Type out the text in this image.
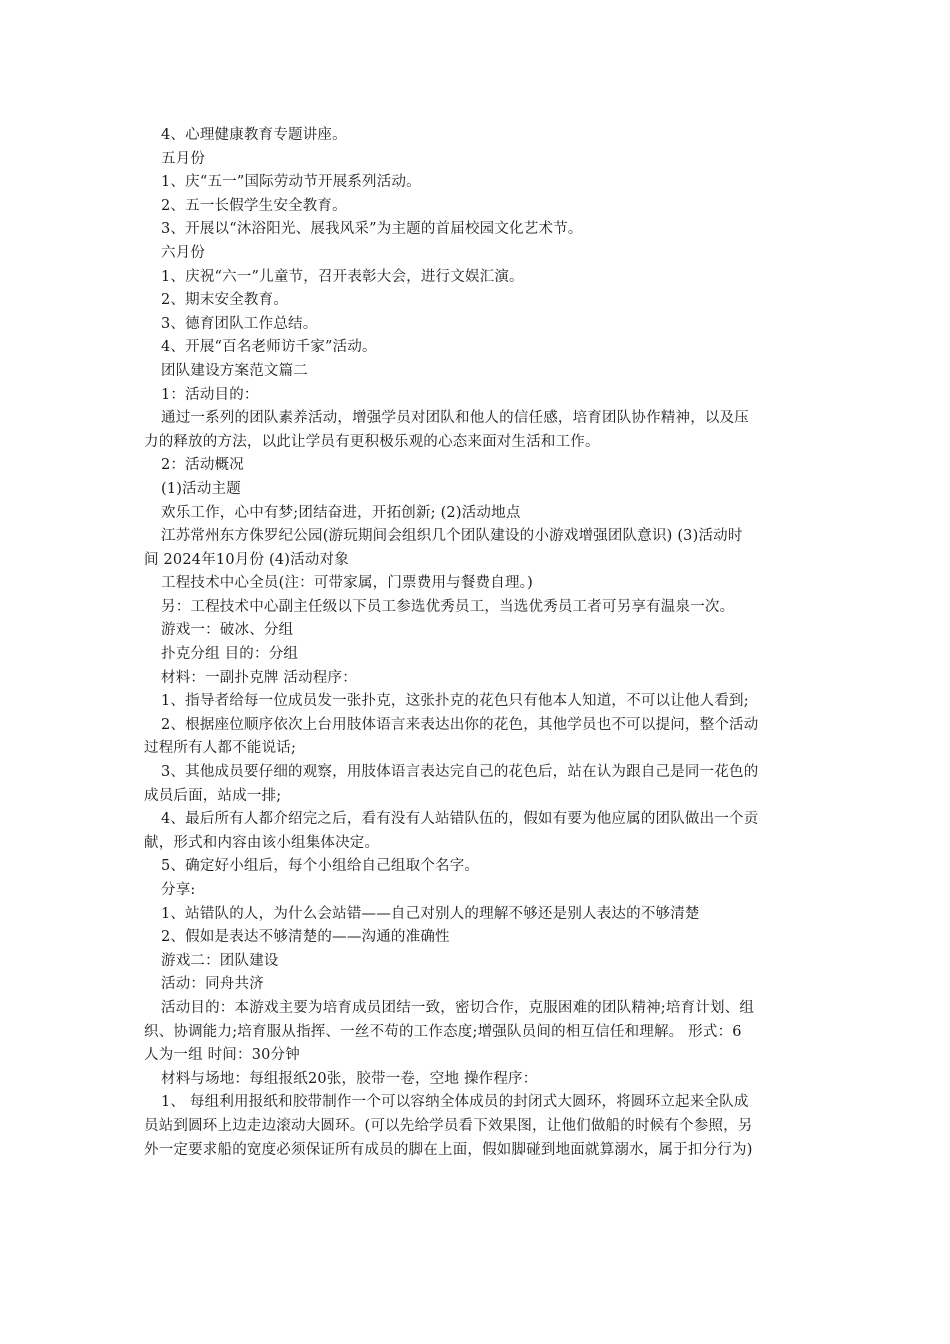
4、心理健康教育专题讲座。
五月份
1、庆“五一”国际劳动节开展系列活动。
2、五一长假学生安全教育。
3、开展以“沐浴阳光、展我风采”为主题的首届校园文化艺术节。
六月份
1、庆祝“六一”儿童节，召开表彰大会，进行文娱汇演。
2、期末安全教育。
3、德育团队工作总结。
4、开展“百名老师访千家”活动。
团队建设方案范文篇二
1：活动目的：
通过一系列的团队素养活动，增强学员对团队和他人的信任感，培育团队协作精神，以及压
力的释放的方法，以此让学员有更积极乐观的心态来面对生活和工作。
2：活动概况
(1)活动主题
欢乐工作，心中有梦;团结奋进，开拓创新; (2)活动地点
江苏常州东方侏罗纪公园(游玩期间会组织几个团队建设的小游戏增强团队意识) (3)活动时
间 2024年10月份 (4)活动对象
工程技术中心全员(注：可带家属，门票费用与餐费自理。)
另：工程技术中心副主任级以下员工参选优秀员工，当选优秀员工者可另享有温泉一次。
游戏一：破冰、分组
扑克分组 目的：分组
材料：一副扑克牌 活动程序：
1、指导者给每一位成员发一张扑克，这张扑克的花色只有他本人知道，不可以让他人看到;
2、根据座位顺序依次上台用肢体语言来表达出你的花色，其他学员也不可以提问，整个活动
过程所有人都不能说话;
3、其他成员要仔细的观察，用肢体语言表达完自己的花色后，站在认为跟自己是同一花色的
成员后面，站成一排;
4、最后所有人都介绍完之后，看有没有人站错队伍的，假如有要为他应属的团队做出一个贡
献，形式和内容由该小组集体决定。
5、确定好小组后，每个小组给自己组取个名字。
分享:
1、站错队的人，为什么会站错——自己对别人的理解不够还是别人表达的不够清楚
2、假如是表达不够清楚的——沟通的准确性
游戏二：团队建设
活动：同舟共济
活动目的：本游戏主要为培育成员团结一致，密切合作，克服困难的团队精神;培育计划、组
织、协调能力;培育服从指挥、一丝不苟的工作态度;增强队员间的相互信任和理解。 形式：6
人为一组 时间：30分钟
材料与场地：每组报纸20张，胶带一卷，空地 操作程序：
1、 每组利用报纸和胶带制作一个可以容纳全体成员的封闭式大圆环，将圆环立起来全队成
员站到圆环上边走边滚动大圆环。(可以先给学员看下效果图，让他们做船的时候有个参照，另
外一定要求船的宽度必须保证所有成员的脚在上面，假如脚碰到地面就算溺水，属于扣分行为)
